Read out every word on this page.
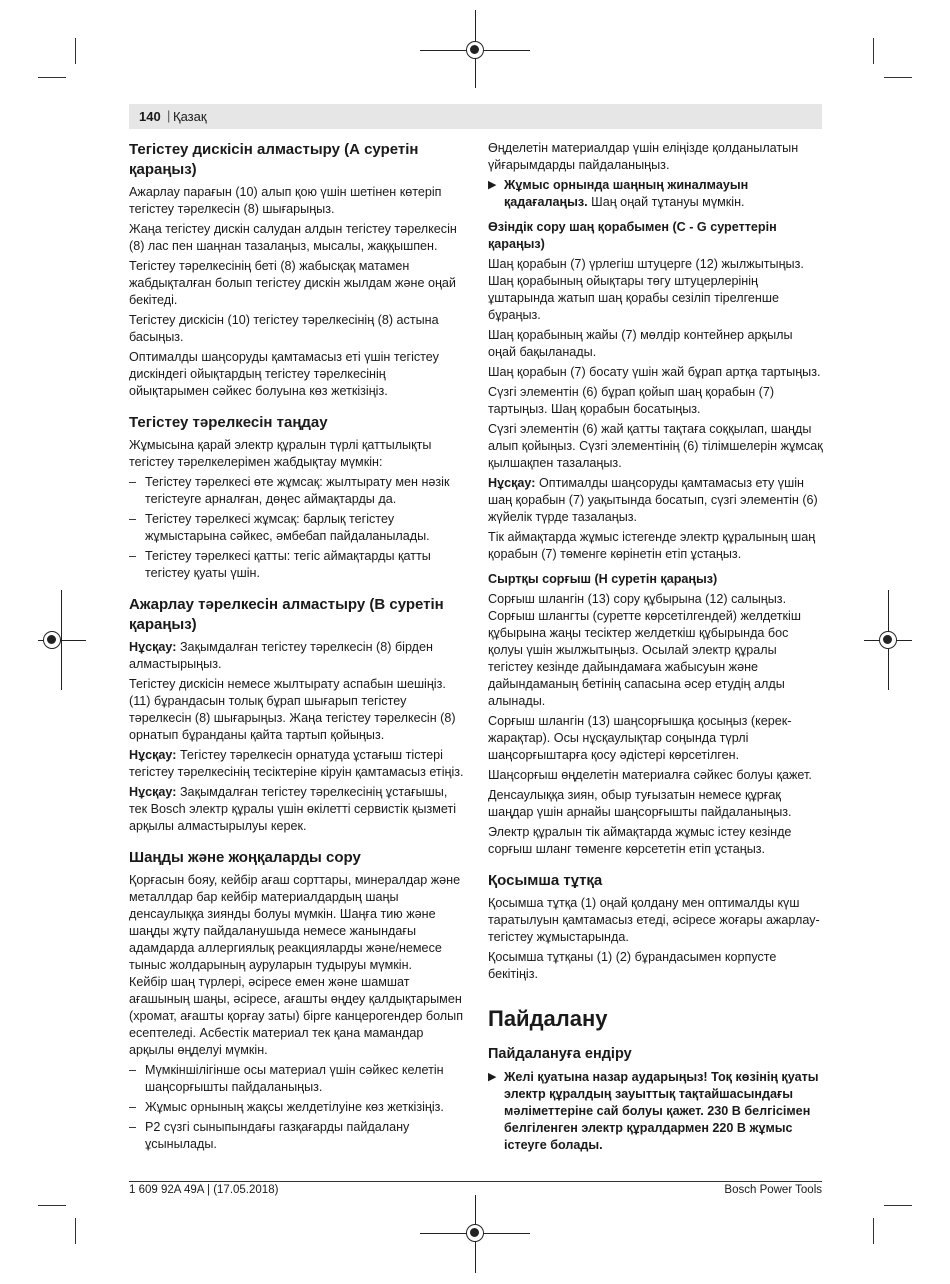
140 | Қазақ
Тегістеу дискісін алмастыру (А суретін қараңыз)

Ажарлау парағын (10) алып қою үшін шетінен көтеріп тегістеу тәрелкесін (8) шығарыңыз.

Жаңа тегістеу дискін салудан алдын тегістеу тәрелкесін (8) лас пен шаңнан тазалаңыз, мысалы, жаққышпен.

Тегістеу тәрелкесінің беті (8) жабысқақ матамен жабдықталған болып тегістеу дискін жылдам және оңай бекітеді.

Тегістеу дискісін (10) тегістеу тәрелкесінің (8) астына басыңыз.

Оптималды шаңсоруды қамтамасыз еті үшін тегістеу дискіндегі ойықтардың тегістеу тәрелкесінің ойықтарымен сәйкес болуына көз жеткізіңіз.

Тегістеу тәрелкесін таңдау

Жұмысына қарай электр құралын түрлі қаттылықты тегістеу тәрелкелерімен жабдықтау мүмкін:

– Тегістеу тәрелкесі өте жұмсақ: жылтырату мен нәзік тегістеуге арналған, дөңес аймақтарды да.
– Тегістеу тәрелкесі жұмсақ: барлық тегістеу жұмыстарына сәйкес, әмбебап пайдаланылады.
– Тегістеу тәрелкесі қатты: тегіс аймақтарды қатты тегістеу қуаты үшін.
Ажарлау тәрелкесін алмастыру (В суретін қараңыз)

Нұсқау: Зақымдалған тегістеу тәрелкесін (8) бірден алмастырыңыз.

Тегістеу дискісін немесе жылтырату аспабын шешіңіз. (11) бұрандасын толық бұрап шығарып тегістеу тәрелкесін (8) шығарыңыз. Жаңа тегістеу тәрелкесін (8) орнатып бұранданы қайта тартып қойыңыз.

Нұсқау: Тегістеу тәрелкесін орнатуда ұстағыш тістері тегістеу тәрелкесінің тесіктеріне кіруін қамтамасыз етіңіз.

Нұсқау: Зақымдалған тегістеу тәрелкесінің ұстағышы, тек Bosch электр құралы үшін өкілетті сервистік қызметі арқылы алмастырылуы керек.

Шаңды және жоңқаларды сору

Қорғасын бояу, кейбір ағаш сорттары, минералдар және металлдар бар кейбір материалдардың шаңы денсаулыққа зиянды болуы мүмкін. Шаңға тию және шаңды жұту пайдаланушыда немесе жанындағы адамдарда аллергиялық реакцияларды және/немесе тыныс жолдарының ауруларын тудыруы мүмкін.

Кейбір шаң түрлері, әсіресе емен және шамшат ағашының шаңы, әсіресе, ағашты өңдеу қалдықтарымен (хромат, ағашты қорғау заты) бірге канцерогендер болып есептеледі. Асбестік материал тек қана мамандар арқылы өңделуі мүмкін.

– Мүмкіншілігінше осы материал үшін сәйкес келетін шаңсорғышты пайдаланыңыз.
– Жұмыс орнының жақсы желдетілуіне көз жеткізіңіз.
– Р2 сүзгі сыныпындағы газқағарды пайдалану ұсынылады.

Өңделетін материалдар үшін еліңізде қолданылатын үйғарымдарды пайдаланыңыз.

▶ Жұмыс орнында шаңның жиналмауын қадағалаңыз. Шаң оңай тұтануы мүмкін.
Өзіндік сору шаң қорабымен (C - G суреттерін қараңыз)

Шаң қорабын (7) үрлегіш штуцерге (12) жылжытыңыз. Шаң қорабының ойықтары төгу штуцерлерінің ұштарында жатып шаң қорабы сезіліп тірелгенше бұраңыз.

Шаң қорабының жайы (7) мөлдір контейнер арқылы оңай бақыланады.

Шаң қорабын (7) босату үшін жай бұрап артқа тартыңыз.

Сүзгі элементін (6) бұрап қойып шаң қорабын (7) тартыңыз. Шаң қорабын босатыңыз.

Сүзгі элементін (6) жай қатты тақтаға соққылап, шаңды алып қойыңыз. Сүзгі элементінің (6) тілімшелерін жұмсақ қылшақпен тазалаңыз.

Нұсқау: Оптималды шаңсоруды қамтамасыз ету үшін шаң қорабын (7) уақытында босатып, сүзгі элементін (6) жүйелік түрде тазалаңыз.

Тік аймақтарда жұмыс істегенде электр құралының шаң қорабын (7) төменге көрінетін етіп ұстаңыз.

Сыртқы сорғыш (Н суретін қараңыз)

Сорғыш шлангін (13) сору құбырына (12) салыңыз. Сорғыш шлангты (суретте көрсетілгендей) желдеткіш құбырына жаңы тесіктер желдеткіш құбырында бос қолуы үшін жылжытыңыз. Осылай электр құралы тегістеу кезінде дайындамаға жабысуын және дайындаманың бетінің сапасына әсер етудің алды алынады.

Сорғыш шлангін (13) шаңсорғышқа қосыңыз (керек-жарақтар). Осы нұсқаулықтар соңында түрлі шаңсорғыштарға қосу әдістері көрсетілген.

Шаңсорғыш өңделетін материалға сәйкес болуы қажет.

Денсаулыққа зиян, обыр туғызатын немесе құрғақ шаңдар үшін арнайы шаңсорғышты пайдаланыңыз.

Электр құралын тік аймақтарда жұмыс істеу кезінде сорғыш шланг төменге көрсететін етіп ұстаңыз.

Қосымша тұтқа

Қосымша тұтқа (1) оңай қолдану мен оптималды күш таратылуын қамтамасыз етеді, әсіресе жоғары ажарлау-тегістеу жұмыстарында.

Қосымша тұтқаны (1) (2) бұрандасымен корпусте бекітіңіз.

Пайдалану
Пайдалануға ендіру
▶ Желі қуатына назар аударыңыз! Тоқ көзінің қуаты электр құралдың зауыттық тақтайшасындағы мәліметтеріне сай болуы қажет. 230 В белгісімен белгіленген электр құралдармен 220 В жұмыс істеуге болады.
1 609 92A 49A | (17.05.2018)	Bosch Power Tools
